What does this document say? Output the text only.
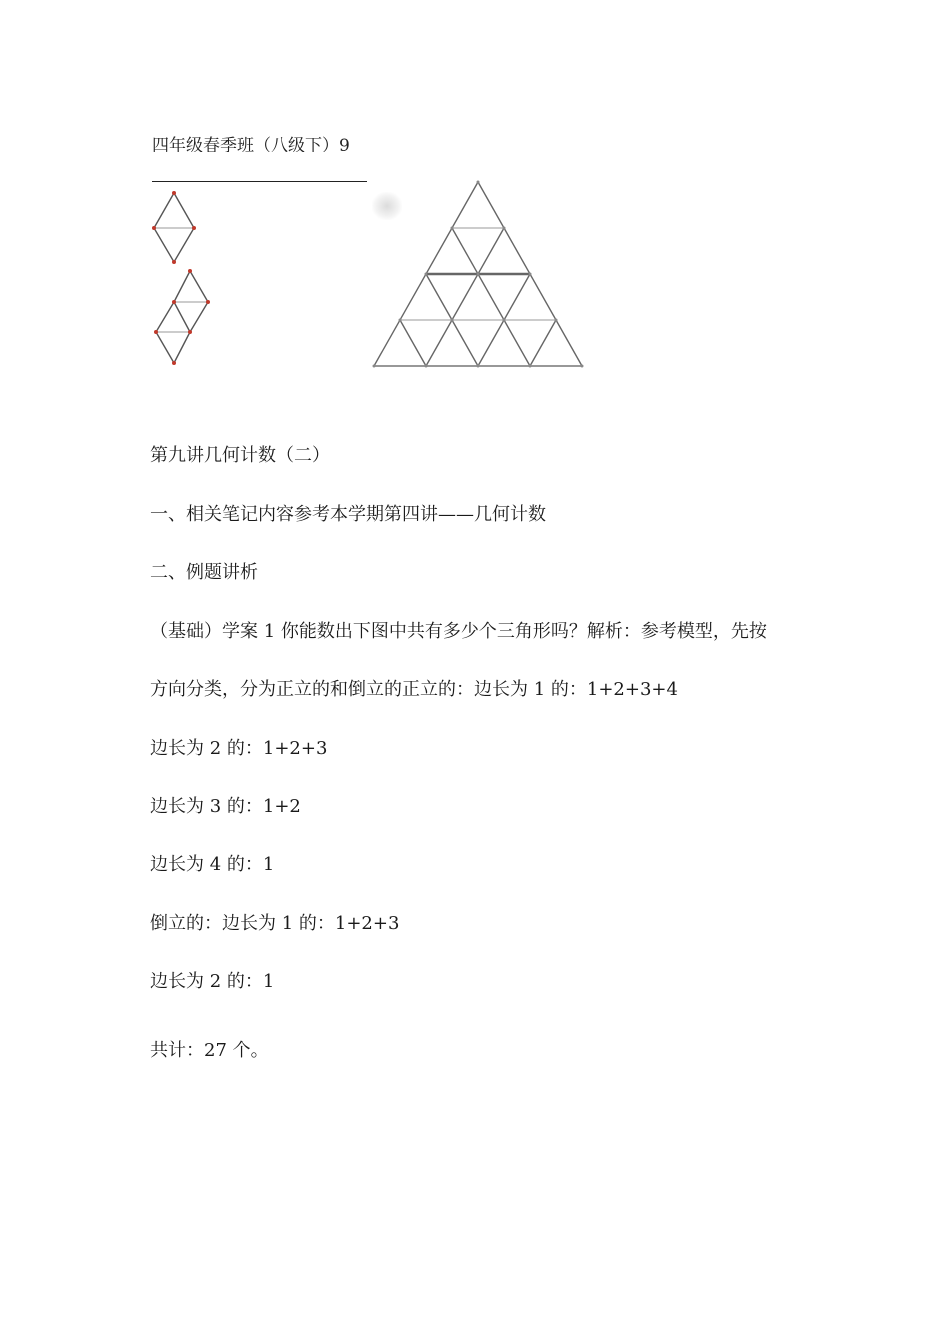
四年级春季班（八级下）9
第九讲几何计数（二）
一、相关笔记内容参考本学期第四讲——几何计数
二、例题讲析
（基础）学案 1 你能数出下图中共有多少个三角形吗？解析：参考模型，先按
方向分类，分为正立的和倒立的正立的：边长为 1 的：1+2+3+4
边长为 2 的：1+2+3
边长为 3 的：1+2
边长为 4 的：1
倒立的：边长为 1 的：1+2+3
边长为 2 的：1
共计：27 个。
